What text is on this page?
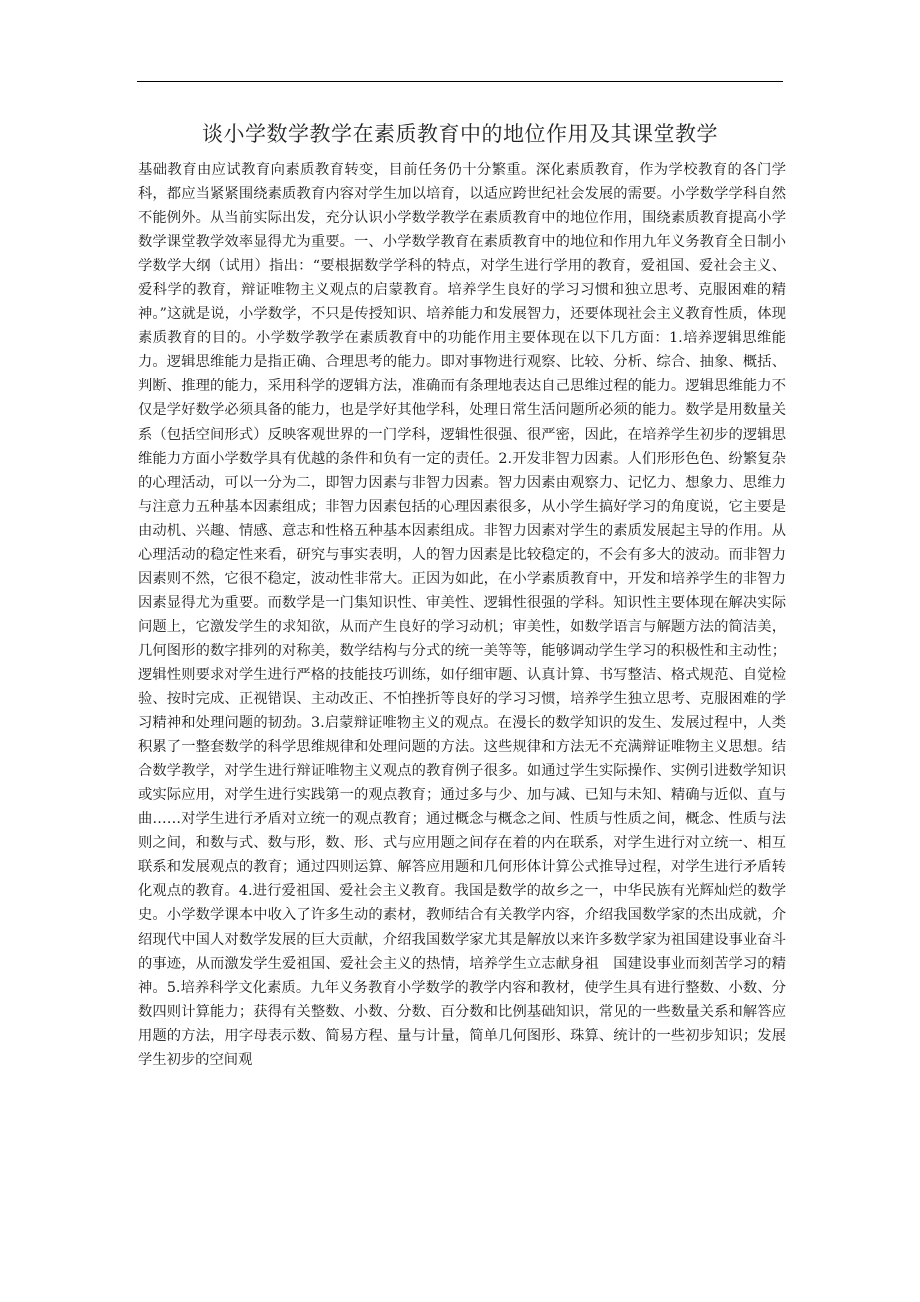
谈小学数学教学在素质教育中的地位作用及其课堂教学

基础教育由应试教育向素质教育转变，目前任务仍十分繁重。深化素质教育，作为学校教育的各门学科，都应当紧紧围绕素质教育内容对学生加以培育，以适应跨世纪社会发展的需要。小学数学学科自然不能例外。从当前实际出发，充分认识小学数学教学在素质教育中的地位作用，围绕素质教育提高小学数学课堂教学效率显得尤为重要。一、小学数学教育在素质教育中的地位和作用九年义务教育全日制小学数学大纲（试用）指出：“要根据数学学科的特点，对学生进行学用的教育，爱祖国、爱社会主义、爱科学的教育，辩证唯物主义观点的启蒙教育。培养学生良好的学习习惯和独立思考、克服困难的精神。”这就是说，小学数学，不只是传授知识、培养能力和发展智力，还要体现社会主义教育性质，体现素质教育的目的。小学数学教学在素质教育中的功能作用主要体现在以下几方面：1.培养逻辑思维能力。逻辑思维能力是指正确、合理思考的能力。即对事物进行观察、比较、分析、综合、抽象、概括、判断、推理的能力，采用科学的逻辑方法，准确而有条理地表达自己思维过程的能力。逻辑思维能力不仅是学好数学必须具备的能力，也是学好其他学科，处理日常生活问题所必须的能力。数学是用数量关系（包括空间形式）反映客观世界的一门学科，逻辑性很强、很严密，因此，在培养学生初步的逻辑思维能力方面小学数学具有优越的条件和负有一定的责任。2.开发非智力因素。人们形形色色、纷繁复杂的心理活动，可以一分为二，即智力因素与非智力因素。智力因素由观察力、记忆力、想象力、思维力与注意力五种基本因素组成；非智力因素包括的心理因素很多，从小学生搞好学习的角度说，它主要是由动机、兴趣、情感、意志和性格五种基本因素组成。非智力因素对学生的素质发展起主导的作用。从心理活动的稳定性来看，研究与事实表明，人的智力因素是比较稳定的，不会有多大的波动。而非智力因素则不然，它很不稳定，波动性非常大。正因为如此，在小学素质教育中，开发和培养学生的非智力因素显得尤为重要。而数学是一门集知识性、审美性、逻辑性很强的学科。知识性主要体现在解决实际问题上，它激发学生的求知欲，从而产生良好的学习动机；审美性，如数学语言与解题方法的简洁美，几何图形的数字排列的对称美，数学结构与分式的统一美等等，能够调动学生学习的积极性和主动性；逻辑性则要求对学生进行严格的技能技巧训练，如仔细审题、认真计算、书写整洁、格式规范、自觉检验、按时完成、正视错误、主动改正、不怕挫折等良好的学习习惯，培养学生独立思考、克服困难的学习精神和处理问题的韧劲。3.启蒙辩证唯物主义的观点。在漫长的数学知识的发生、发展过程中，人类积累了一整套数学的科学思维规律和处理问题的方法。这些规律和方法无不充满辩证唯物主义思想。结合数学教学，对学生进行辩证唯物主义观点的教育例子很多。如通过学生实际操作、实例引进数学知识或实际应用，对学生进行实践第一的观点教育；通过多与少、加与减、已知与未知、精确与近似、直与曲……对学生进行矛盾对立统一的观点教育；通过概念与概念之间、性质与性质之间，概念、性质与法则之间，和数与式、数与形，数、形、式与应用题之间存在着的内在联系，对学生进行对立统一、相互联系和发展观点的教育；通过四则运算、解答应用题和几何形体计算公式推导过程，对学生进行矛盾转化观点的教育。4.进行爱祖国、爱社会主义教育。我国是数学的故乡之一，中华民族有光辉灿烂的数学史。小学数学课本中收入了许多生动的素材，教师结合有关教学内容，介绍我国数学家的杰出成就，介绍现代中国人对数学发展的巨大贡献，介绍我国数学家尤其是解放以来许多数学家为祖国建设事业奋斗的事迹，从而激发学生爱祖国、爱社会主义的热情，培养学生立志献身祖　国建设事业而刻苦学习的精神。5.培养科学文化素质。九年义务教育小学数学的教学内容和教材，使学生具有进行整数、小数、分数四则计算能力；获得有关整数、小数、分数、百分数和比例基础知识，常见的一些数量关系和解答应用题的方法，用字母表示数、简易方程、量与计量，简单几何图形、珠算、统计的一些初步知识；发展学生初步的空间观
